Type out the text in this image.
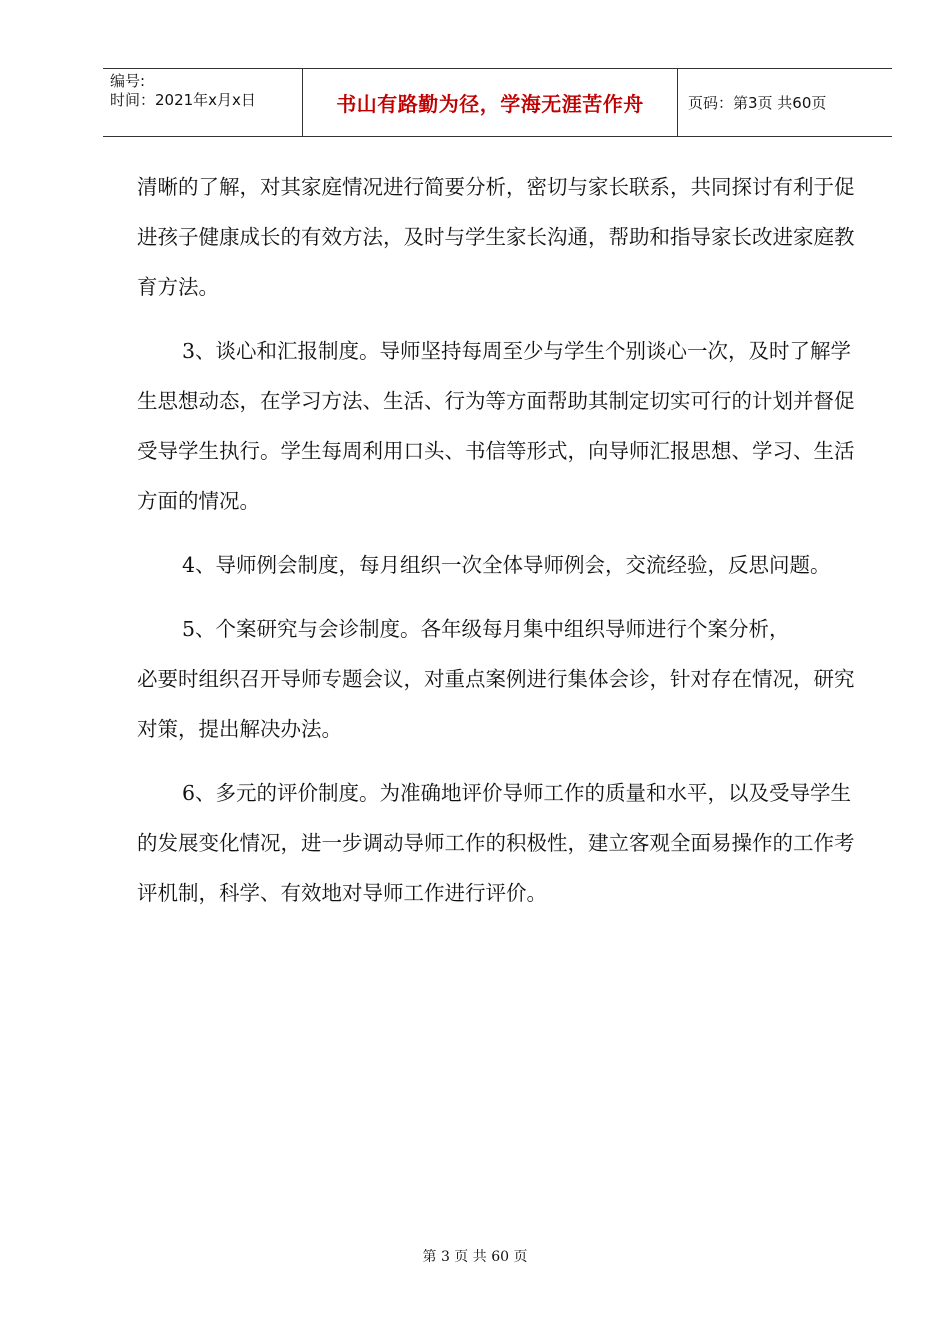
编号:
时间：2021年x月x日	书山有路勤为径，学海无涯苦作舟	页码：第3页 共60页

清晰的了解，对其家庭情况进行简要分析，密切与家长联系，共同探讨有利于促进孩子健康成长的有效方法，及时与学生家长沟通，帮助和指导家长改进家庭教育方法。

3、谈心和汇报制度。导师坚持每周至少与学生个别谈心一次，及时了解学生思想动态，在学习方法、生活、行为等方面帮助其制定切实可行的计划并督促受导学生执行。学生每周利用口头、书信等形式，向导师汇报思想、学习、生活方面的情况。

4、导师例会制度，每月组织一次全体导师例会，交流经验，反思问题。

5、个案研究与会诊制度。各年级每月集中组织导师进行个案分析，

必要时组织召开导师专题会议，对重点案例进行集体会诊，针对存在情况，研究对策，提出解决办法。

6、多元的评价制度。为准确地评价导师工作的质量和水平，以及受导学生的发展变化情况，进一步调动导师工作的积极性，建立客观全面易操作的工作考评机制，科学、有效地对导师工作进行评价。

第 3 页 共 60 页
